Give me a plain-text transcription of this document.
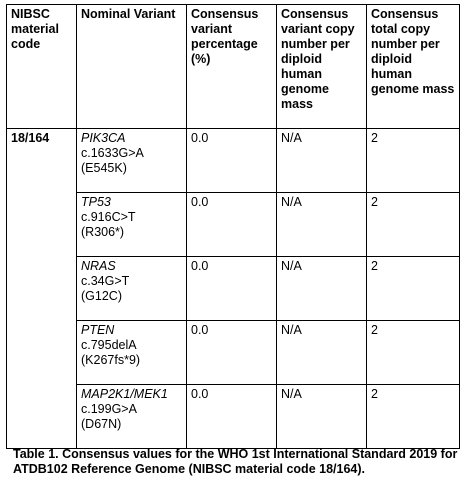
NIBSC material code	Nominal Variant	Consensus variant percentage (%)	Consensus variant copy number per diploid human genome mass	Consensus total copy number per diploid human genome mass
18/164	PIK3CA
c.1633G>A
(E545K)	0.0	N/A	2

	TP53
c.916C>T
(R306*)	0.0	N/A	2

	NRAS
c.34G>T
(G12C)	0.0	N/A	2

	PTEN
c.795delA
(K267fs*9)	0.0	N/A	2

	MAP2K1/MEK1
c.199G>A
(D67N)	0.0	N/A	2
Table 1. Consensus values for the WHO 1st International Standard 2019 for ATDB102 Reference Genome (NIBSC material code 18/164).
